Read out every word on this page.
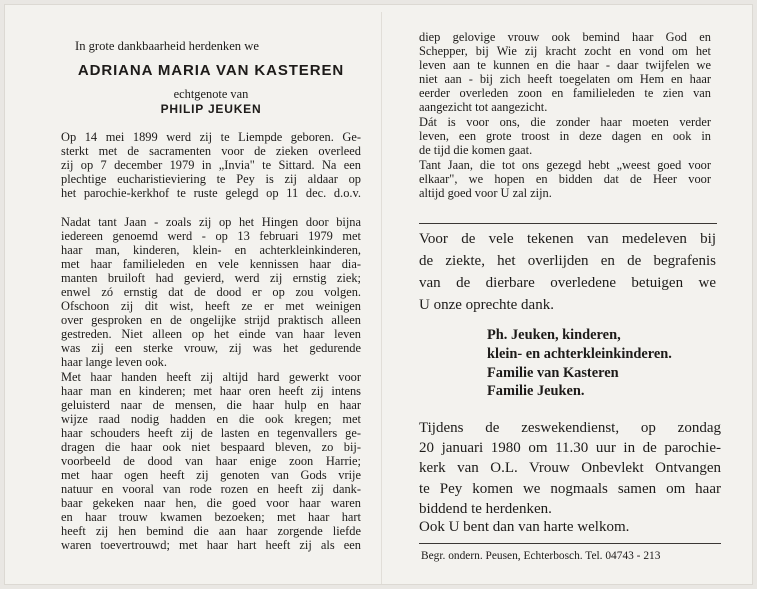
In grote dankbaarheid herdenken we
ADRIANA MARIA VAN KASTEREN
echtgenote van
PHILIP JEUKEN
Op 14 mei 1899 werd zij te Liempde geboren. Ge-
sterkt met de sacramenten voor de zieken overleed
zij op 7 december 1979 in „Invia" te Sittard. Na een
plechtige eucharistieviering te Pey is zij aldaar op
het parochie-kerkhof te ruste gelegd op 11 dec. d.o.v.
Nadat tant Jaan - zoals zij op het Hingen door bijna
iedereen genoemd werd - op 13 februari 1979 met
haar man, kinderen, klein- en achterkleinkinderen,
met haar familieleden en vele kennissen haar dia-
manten bruiloft had gevierd, werd zij ernstig ziek;
enwel zó ernstig dat de dood er op zou volgen.
Ofschoon zij dit wist, heeft ze er met weinigen
over gesproken en de ongelijke strijd praktisch alleen
gestreden. Niet alleen op het einde van haar leven
was zij een sterke vrouw, zij was het gedurende
haar lange leven ook.
Met haar handen heeft zij altijd hard gewerkt voor
haar man en kinderen; met haar oren heeft zij intens
geluisterd naar de mensen, die haar hulp en haar
wijze raad nodig hadden en die ook kregen; met
haar schouders heeft zij de lasten en tegenvallers ge-
dragen die haar ook niet bespaard bleven, zo bij-
voorbeeld de dood van haar enige zoon Harrie;
met haar ogen heeft zij genoten van Gods vrije
natuur en vooral van rode rozen en heeft zij dank-
baar gekeken naar hen, die goed voor haar waren
en haar trouw kwamen bezoeken; met haar hart
heeft zij hen bemind die aan haar zorgende liefde
waren toevertrouwd; met haar hart heeft zij als een
diep gelovige vrouw ook bemind haar God en
Schepper, bij Wie zij kracht zocht en vond om het
leven aan te kunnen en die haar - daar twijfelen we
niet aan - bij zich heeft toegelaten om Hem en haar
eerder overleden zoon en familieleden te zien van
aangezicht tot aangezicht.
Dát is voor ons, die zonder haar moeten verder
leven, een grote troost in deze dagen en ook in
de tijd die komen gaat.
Tant Jaan, die tot ons gezegd hebt „weest goed voor
elkaar", we hopen en bidden dat de Heer voor
altijd goed voor U zal zijn.
Voor de vele tekenen van medeleven bij
de ziekte, het overlijden en de begrafenis
van de dierbare overledene betuigen we
U onze oprechte dank.
Ph. Jeuken, kinderen,
klein- en achterkleinkinderen.
Familie van Kasteren
Familie Jeuken.
Tijdens de zeswekendienst, op zondag
20 januari 1980 om 11.30 uur in de parochie-
kerk van O.L. Vrouw Onbevlekt Ontvangen
te Pey komen we nogmaals samen om haar
biddend te herdenken.
Ook U bent dan van harte welkom.
Begr. ondern. Peusen, Echterbosch. Tel. 04743 - 213
